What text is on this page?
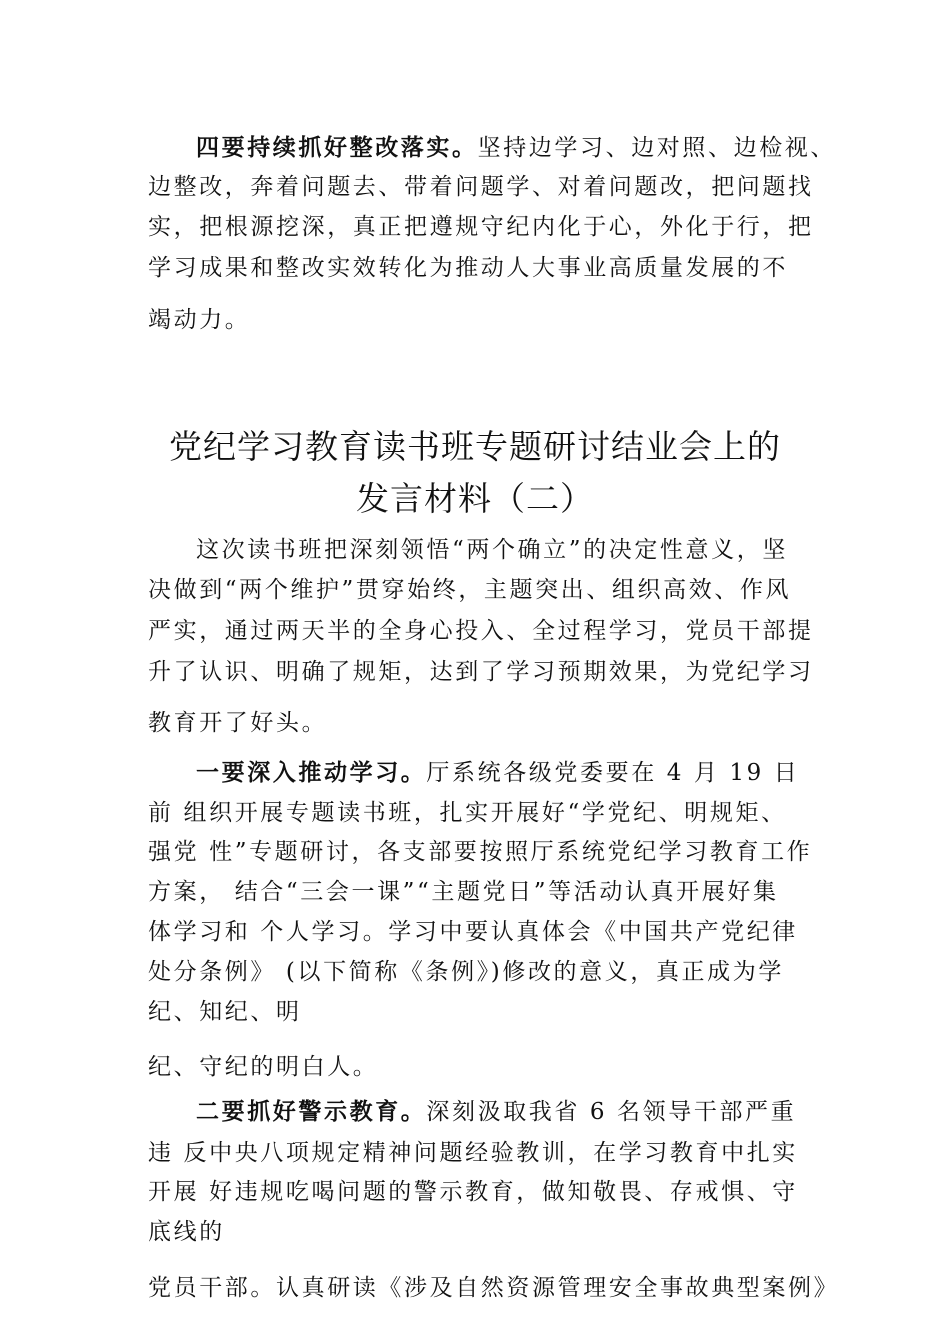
四要持续抓好整改落实。坚持边学习、边对照、边检视、
边整改，奔着问题去、带着问题学、对着问题改，把问题找
实，把根源挖深，真正把遵规守纪内化于心，外化于行，把
学习成果和整改实效转化为推动人大事业高质量发展的不
竭动力。
党纪学习教育读书班专题研讨结业会上的
发言材料（二）
这次读书班把深刻领悟“两个确立”的决定性意义，坚
决做到“两个维护”贯穿始终，主题突出、组织高效、作风
严实，通过两天半的全身心投入、全过程学习，党员干部提
升了认识、明确了规矩，达到了学习预期效果，为党纪学习
教育开了好头。
一要深入推动学习。厅系统各级党委要在 4 月 19 日
前 组织开展专题读书班，扎实开展好“学党纪、明规矩、
强党 性”专题研讨，各支部要按照厅系统党纪学习教育工作
方案， 结合“三会一课”“主题党日”等活动认真开展好集
体学习和 个人学习。学习中要认真体会《中国共产党纪律
处分条例》 (以下简称《条例》)修改的意义，真正成为学
纪、知纪、明
纪、守纪的明白人。
二要抓好警示教育。深刻汲取我省 6 名领导干部严重
违 反中央八项规定精神问题经验教训，在学习教育中扎实
开展 好违规吃喝问题的警示教育，做知敬畏、存戒惧、守
底线的
党员干部。认真研读《涉及自然资源管理安全事故典型案例》
